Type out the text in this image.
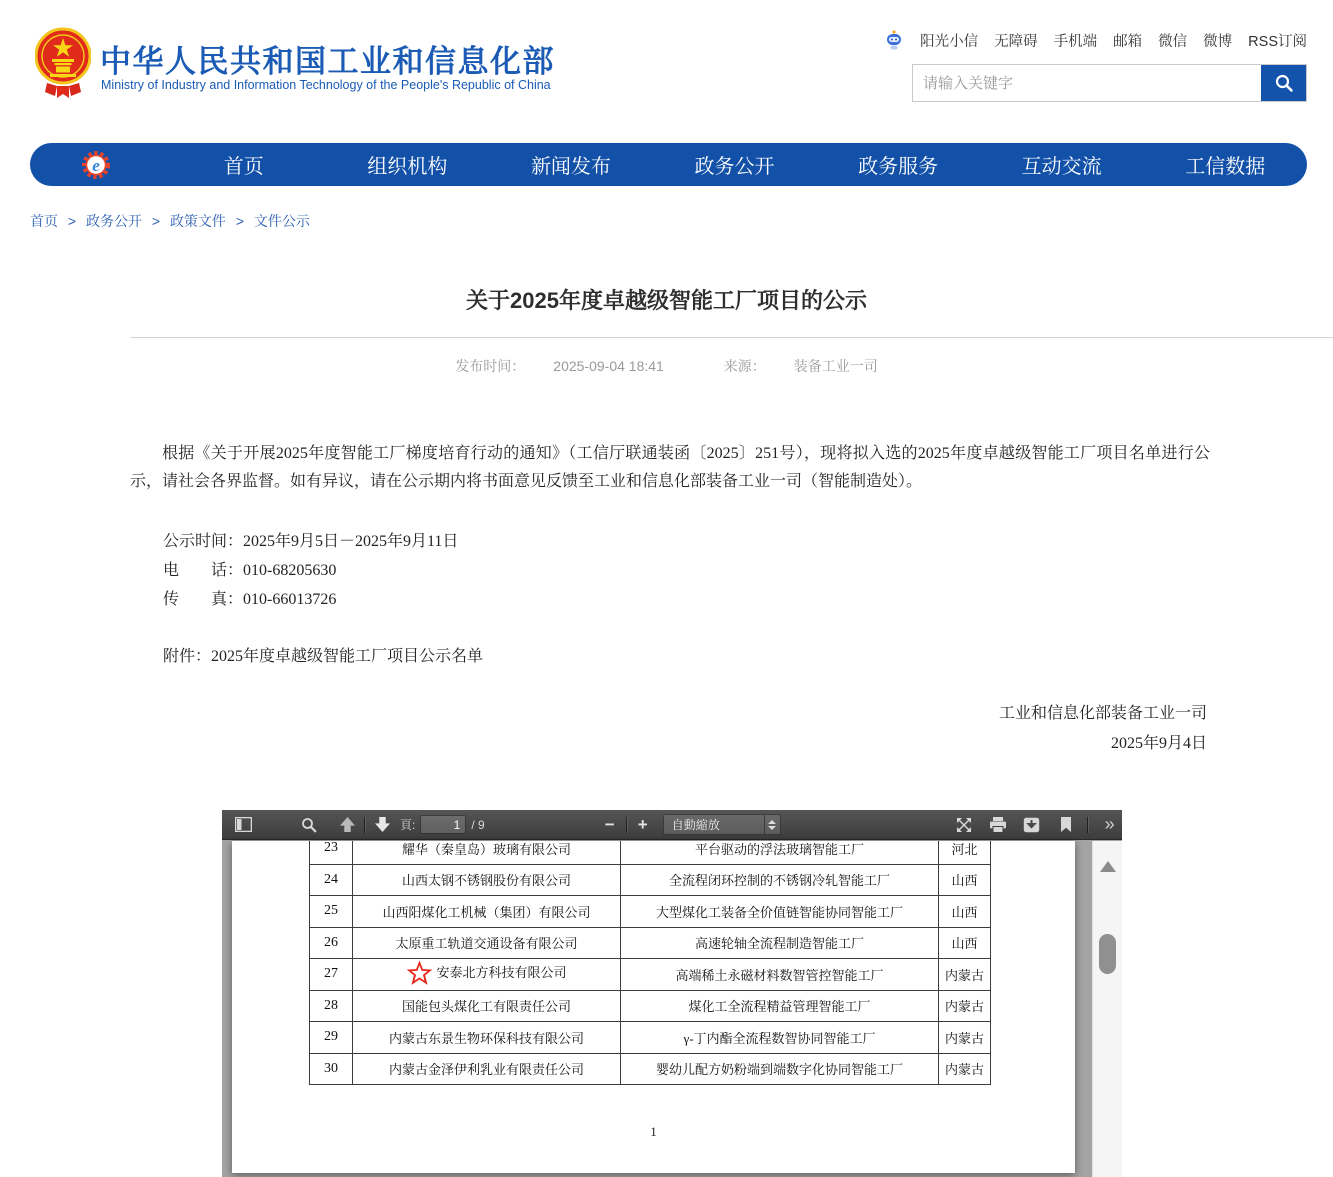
中华人民共和国工业和信息化部
Ministry of Industry and Information Technology of the People's Republic of China
阳光小信 无障碍 手机端 邮箱 微信 微博 RSS订阅
请输入关键字
e	首页	组织机构	新闻发布	政务公开	政务服务	互动交流	工信数据
首页 > 政务公开 > 政策文件 > 文件公示
关于2025年度卓越级智能工厂项目的公示
发布时间： 2025-09-04 18:41	来源： 装备工业一司

根据《关于开展2025年度智能工厂梯度培育行动的通知》（工信厅联通装函〔2025〕251号），现将拟入选的2025年度卓越级智能工厂项目名单进行公示，请社会各界监督。如有异议，请在公示期内将书面意见反馈至工业和信息化部装备工业一司（智能制造处）。

公示时间：2025年9月5日－2025年9月11日
电　　话：010-68205630
传　　真：010-66013726
附件：2025年度卓越级智能工厂项目公示名单
工业和信息化部装备工业一司
2025年9月4日
頁:
1	/ 9	−	+	自動縮放	»
23	耀华（秦皇岛）玻璃有限公司	平台驱动的浮法玻璃智能工厂	河北
24	山西太钢不锈钢股份有限公司	全流程闭环控制的不锈钢冷轧智能工厂	山西
25	山西阳煤化工机械（集团）有限公司	大型煤化工装备全价值链智能协同智能工厂	山西
26	太原重工轨道交通设备有限公司	高速轮轴全流程制造智能工厂	山西
27	安泰北方科技有限公司	高端稀土永磁材料数智管控智能工厂	内蒙古
28	国能包头煤化工有限责任公司	煤化工全流程精益管理智能工厂	内蒙古
29	内蒙古东景生物环保科技有限公司	γ-丁内酯全流程数智协同智能工厂	内蒙古
30	内蒙古金泽伊利乳业有限责任公司	婴幼儿配方奶粉端到端数字化协同智能工厂	内蒙古
1
